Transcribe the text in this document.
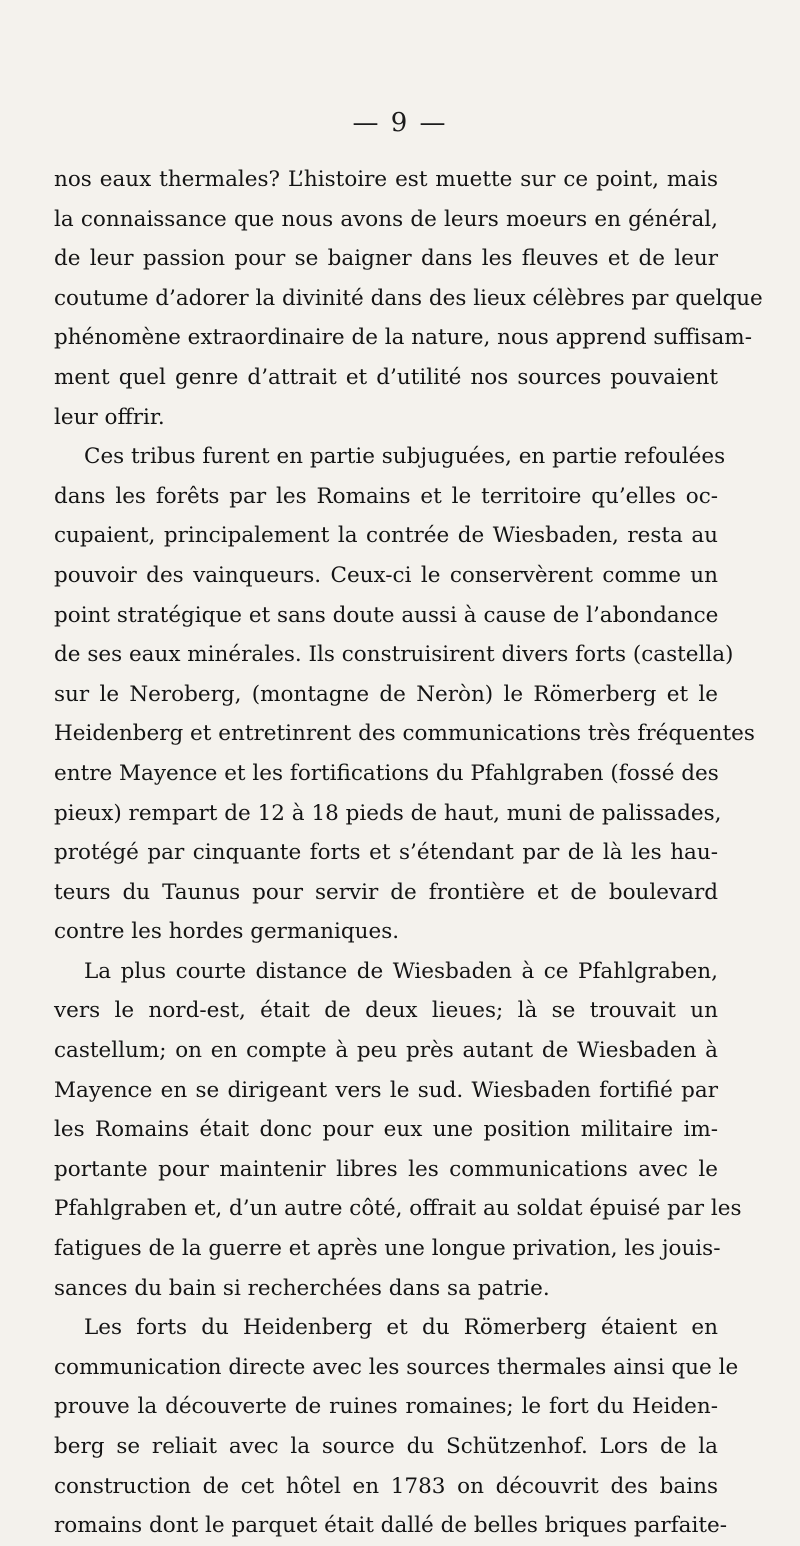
— 9 —
nos eaux thermales? L’histoire est muette sur ce point, mais
la connaissance que nous avons de leurs moeurs en général,
de leur passion pour se baigner dans les fleuves et de leur
coutume d’adorer la divinité dans des lieux célèbres par quelque
phénomène extraordinaire de la nature, nous apprend suffisam-
ment quel genre d’attrait et d’utilité nos sources pouvaient
leur offrir.
Ces tribus furent en partie subjuguées, en partie refoulées
dans les forêts par les Romains et le territoire qu’elles oc-
cupaient, principalement la contrée de Wiesbaden, resta au
pouvoir des vainqueurs. Ceux-ci le conservèrent comme un
point stratégique et sans doute aussi à cause de l’abondance
de ses eaux minérales. Ils construisirent divers forts (castella)
sur le Neroberg, (montagne de Neròn) le Römerberg et le
Heidenberg et entretinrent des communications très fréquentes
entre Mayence et les fortifications du Pfahlgraben (fossé des
pieux) rempart de 12 à 18 pieds de haut, muni de palissades,
protégé par cinquante forts et s’étendant par de là les hau-
teurs du Taunus pour servir de frontière et de boulevard
contre les hordes germaniques.
La plus courte distance de Wiesbaden à ce Pfahlgraben,
vers le nord-est, était de deux lieues; là se trouvait un
castellum; on en compte à peu près autant de Wiesbaden à
Mayence en se dirigeant vers le sud. Wiesbaden fortifié par
les Romains était donc pour eux une position militaire im-
portante pour maintenir libres les communications avec le
Pfahlgraben et, d’un autre côté, offrait au soldat épuisé par les
fatigues de la guerre et après une longue privation, les jouis-
sances du bain si recherchées dans sa patrie.
Les forts du Heidenberg et du Römerberg étaient en
communication directe avec les sources thermales ainsi que le
prouve la découverte de ruines romaines; le fort du Heiden-
berg se reliait avec la source du Schützenhof. Lors de la
construction de cet hôtel en 1783 on découvrit des bains
romains dont le parquet était dallé de belles briques parfaite-
